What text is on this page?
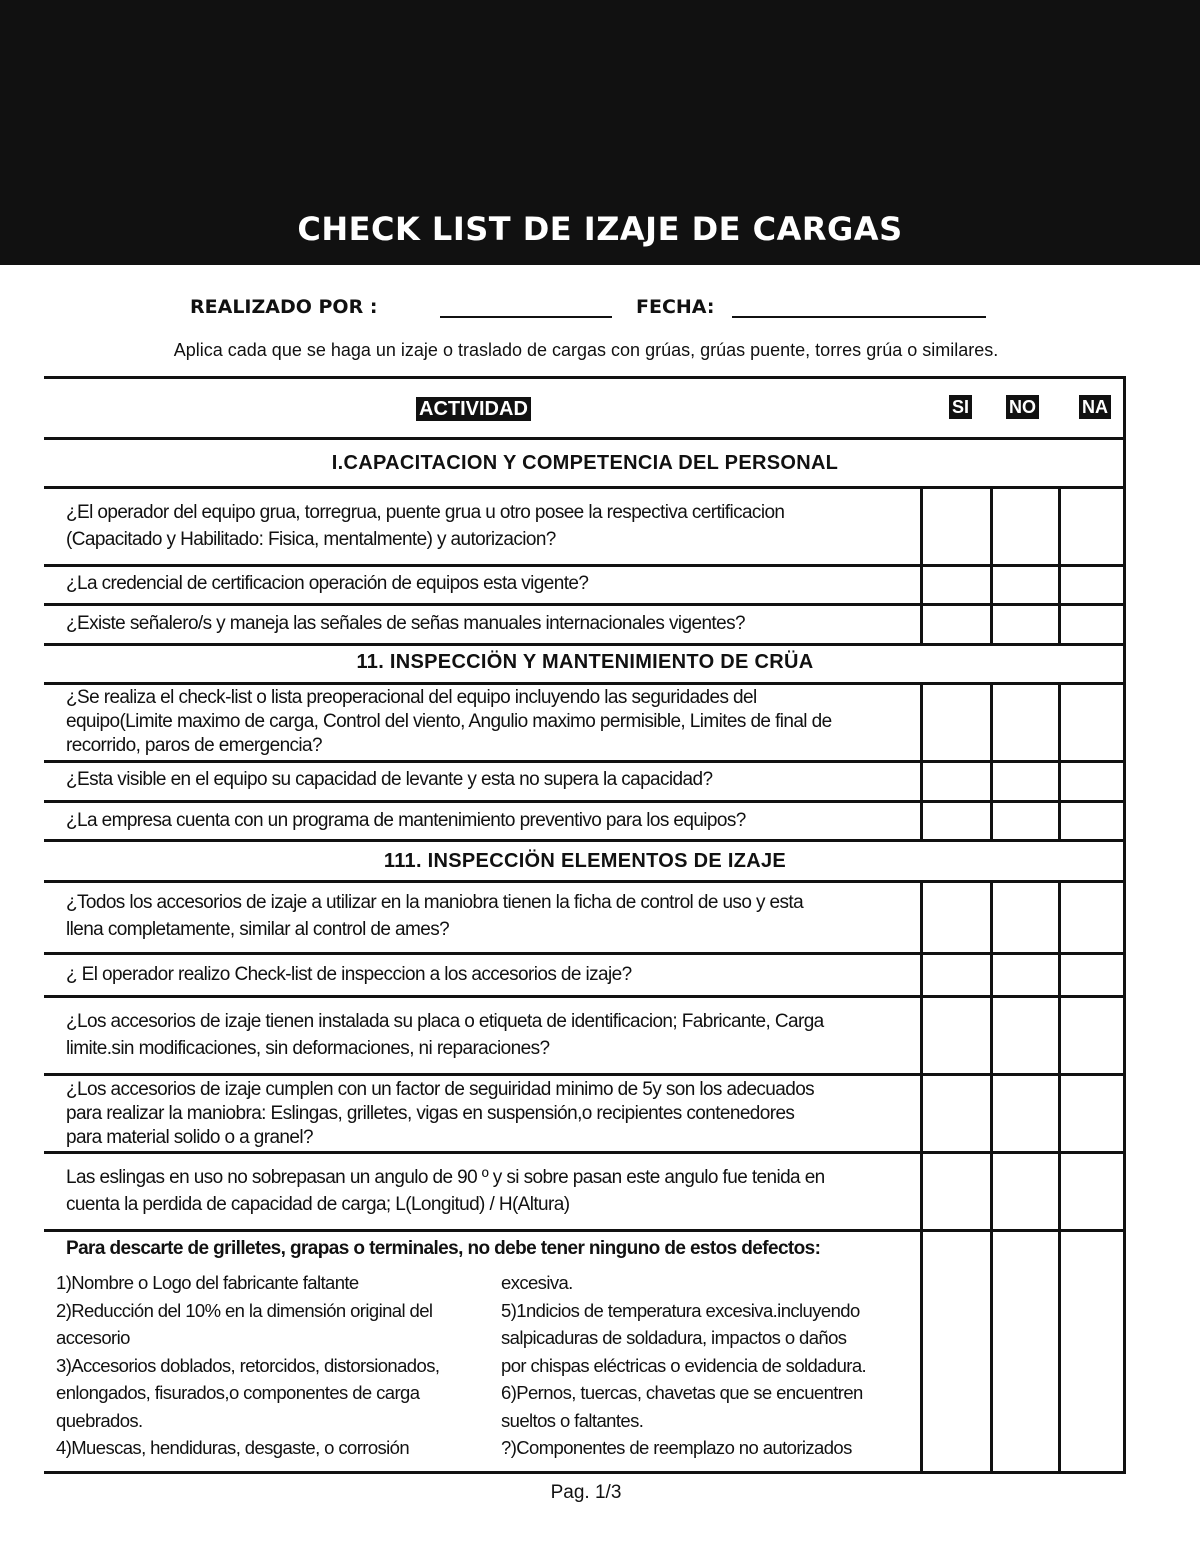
CHECK LIST DE IZAJE DE CARGAS
REALIZADO POR :	FECHA:
Aplica cada que se haga un izaje o traslado de cargas con grúas, grúas puente, torres grúa o similares.
ACTIVIDAD	SI NO	NA
I.CAPACITACION Y COMPETENCIA DEL PERSONAL
¿El operador del equipo grua, torregrua, puente grua u otro posee la respectiva certificacion
(Capacitado y Habilitado: Fisica, mentalmente) y autorizacion?
¿La credencial de certificacion operación de equipos esta vigente?
¿Existe señalero/s y maneja las señales de señas manuales internacionales vigentes?
11. INSPECCIÖN Y MANTENIMIENTO DE CRÜA
¿Se realiza el check-list o lista preoperacional del equipo incluyendo las seguridades del
equipo(Limite maximo de carga, Control del viento, Angulio maximo permisible, Limites de final de
recorrido, paros de emergencia?
¿Esta visible en el equipo su capacidad de levante y esta no supera la capacidad?
¿La empresa cuenta con un programa de mantenimiento preventivo para los equipos?
111. INSPECCIÖN ELEMENTOS DE IZAJE
¿Todos los accesorios de izaje a utilizar en la maniobra tienen la ficha de control de uso y esta
llena completamente, similar al control de ames?
¿ El operador realizo Check-list de inspeccion a los accesorios de izaje?
¿Los accesorios de izaje tienen instalada su placa o etiqueta de identificacion; Fabricante, Carga
limite.sin modificaciones, sin deformaciones, ni reparaciones?
¿Los accesorios de izaje cumplen con un factor de seguiridad minimo de 5y son los adecuados
para realizar la maniobra: Eslingas, grilletes, vigas en suspensión,o recipientes contenedores
para material solido o a granel?
Las eslingas en uso no sobrepasan un angulo de 90 º y si sobre pasan este angulo fue tenida en
cuenta la perdida de capacidad de carga; L(Longitud) / H(Altura)
Para descarte de grilletes, grapas o terminales, no debe tener ninguno de estos defectos:
1)Nombre o Logo del fabricante faltante
2)Reducción del 10% en la dimensión original del
accesorio
3)Accesorios doblados, retorcidos, distorsionados,
enlongados, fisurados,o componentes de carga
quebrados.
4)Muescas, hendiduras, desgaste, o corrosión
excesiva.
5)1ndicios de temperatura excesiva.incluyendo
salpicaduras de soldadura, impactos o daños
por chispas eléctricas o evidencia de soldadura.
6)Pernos, tuercas, chavetas que se encuentren
sueltos o faltantes.
?)Componentes de reemplazo no autorizados
Pag. 1/3
